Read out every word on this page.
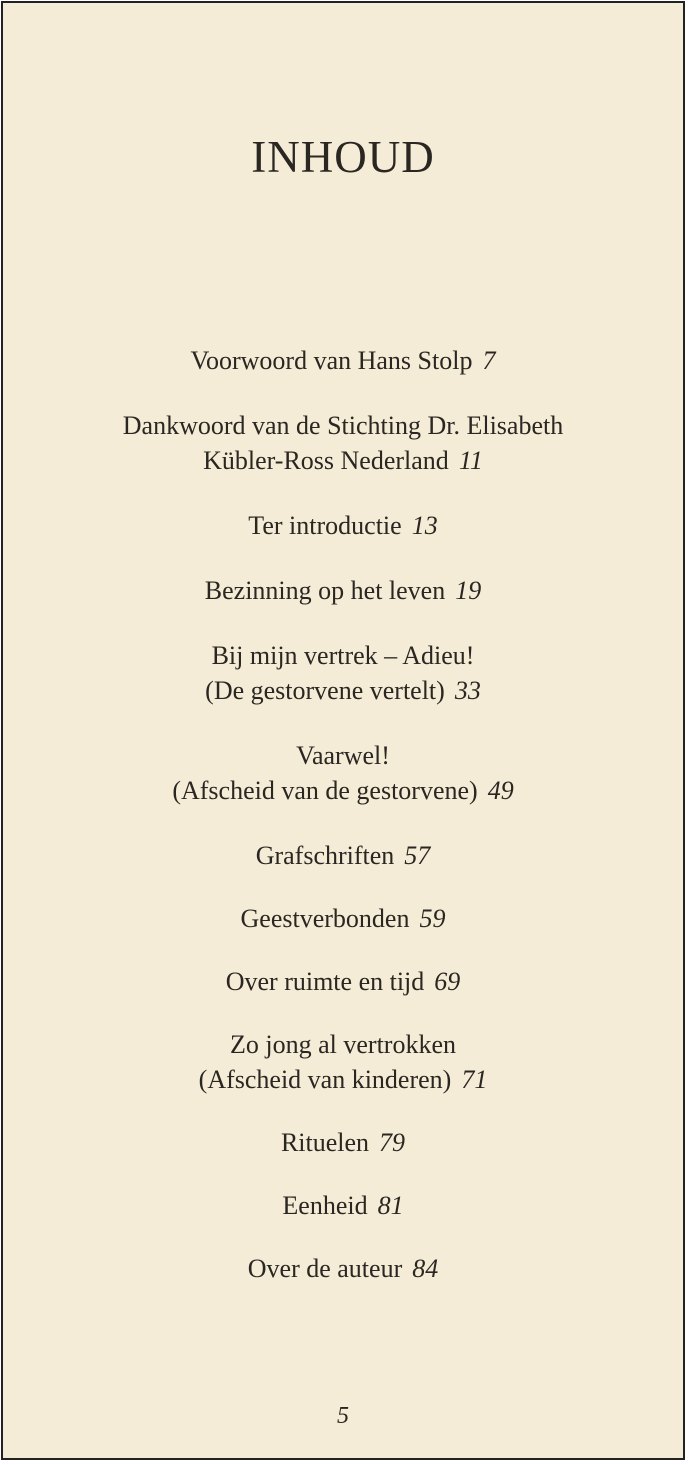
INHOUD
Voorwoord van Hans Stolp 7
Dankwoord van de Stichting Dr. Elisabeth
Kübler-Ross Nederland 11
Ter introductie 13
Bezinning op het leven 19
Bij mijn vertrek – Adieu!
(De gestorvene vertelt) 33
Vaarwel!
(Afscheid van de gestorvene) 49
Grafschriften 57
Geestverbonden 59
Over ruimte en tijd 69
Zo jong al vertrokken
(Afscheid van kinderen) 71
Rituelen 79
Eenheid 81
Over de auteur 84
5
